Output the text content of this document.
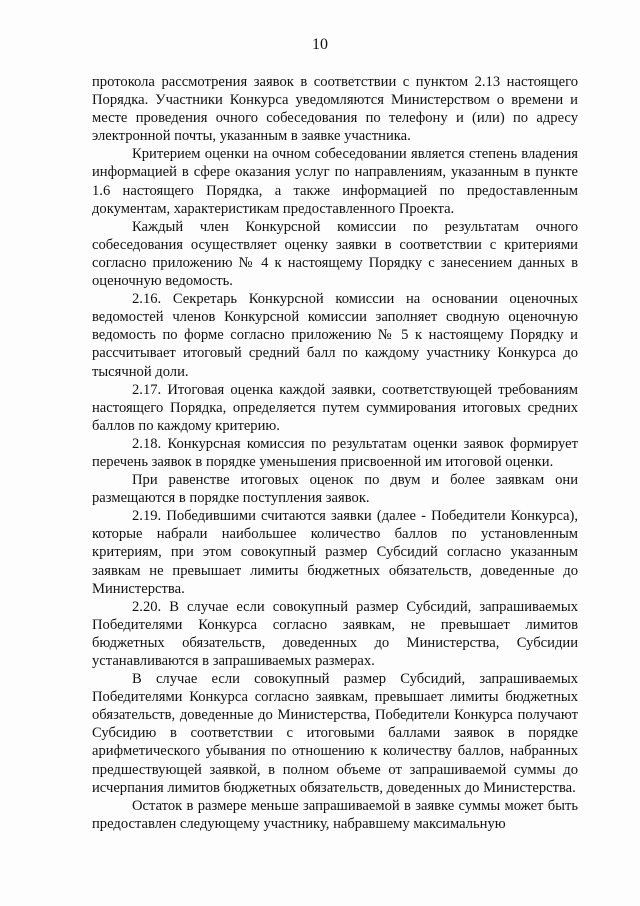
10

протокола рассмотрения заявок в соответствии с пунктом 2.13 настоящего Порядка. Участники Конкурса уведомляются Министерством о времени и месте проведения очного собеседования по телефону и (или) по адресу электронной почты, указанным в заявке участника.

Критерием оценки на очном собеседовании является степень владения информацией в сфере оказания услуг по направлениям, указанным в пункте 1.6 настоящего Порядка, а также информацией по предоставленным документам, характеристикам предоставленного Проекта.

Каждый член Конкурсной комиссии по результатам очного собеседования осуществляет оценку заявки в соответствии с критериями согласно приложению № 4 к настоящему Порядку с занесением данных в оценочную ведомость.

2.16. Секретарь Конкурсной комиссии на основании оценочных ведомостей членов Конкурсной комиссии заполняет сводную оценочную ведомость по форме согласно приложению № 5 к настоящему Порядку и рассчитывает итоговый средний балл по каждому участнику Конкурса до тысячной доли.

2.17. Итоговая оценка каждой заявки, соответствующей требованиям настоящего Порядка, определяется путем суммирования итоговых средних баллов по каждому критерию.

2.18. Конкурсная комиссия по результатам оценки заявок формирует перечень заявок в порядке уменьшения присвоенной им итоговой оценки.

При равенстве итоговых оценок по двум и более заявкам они размещаются в порядке поступления заявок.

2.19. Победившими считаются заявки (далее - Победители Конкурса), которые набрали наибольшее количество баллов по установленным критериям, при этом совокупный размер Субсидий согласно указанным заявкам не превышает лимиты бюджетных обязательств, доведенные до Министерства.

2.20. В случае если совокупный размер Субсидий, запрашиваемых Победителями Конкурса согласно заявкам, не превышает лимитов бюджетных обязательств, доведенных до Министерства, Субсидии устанавливаются в запрашиваемых размерах.

В случае если совокупный размер Субсидий, запрашиваемых Победителями Конкурса согласно заявкам, превышает лимиты бюджетных обязательств, доведенные до Министерства, Победители Конкурса получают Субсидию в соответствии с итоговыми баллами заявок в порядке арифметического убывания по отношению к количеству баллов, набранных предшествующей заявкой, в полном объеме от запрашиваемой суммы до исчерпания лимитов бюджетных обязательств, доведенных до Министерства.

Остаток в размере меньше запрашиваемой в заявке суммы может быть предоставлен следующему участнику, набравшему максимальную
